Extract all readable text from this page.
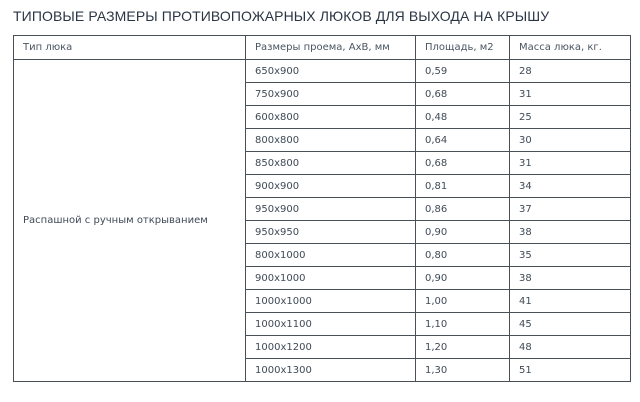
ТИПОВЫЕ РАЗМЕРЫ ПРОТИВОПОЖАРНЫХ ЛЮКОВ ДЛЯ ВЫХОДА НА КРЫШУ
Тип люка	Размеры проема, АхВ, мм	Площадь, м2	Масса люка, кг.
Распашной с ручным открыванием	650х900	0,59	28
	750х900	0,68	31
	600х800	0,48	25
	800х800	0,64	30
	850х800	0,68	31
	900х900	0,81	34
	950х900	0,86	37
	950х950	0,90	38
	800х1000	0,80	35
	900х1000	0,90	38
	1000х1000	1,00	41
	1000х1100	1,10	45
	1000х1200	1,20	48
	1000х1300	1,30	51
